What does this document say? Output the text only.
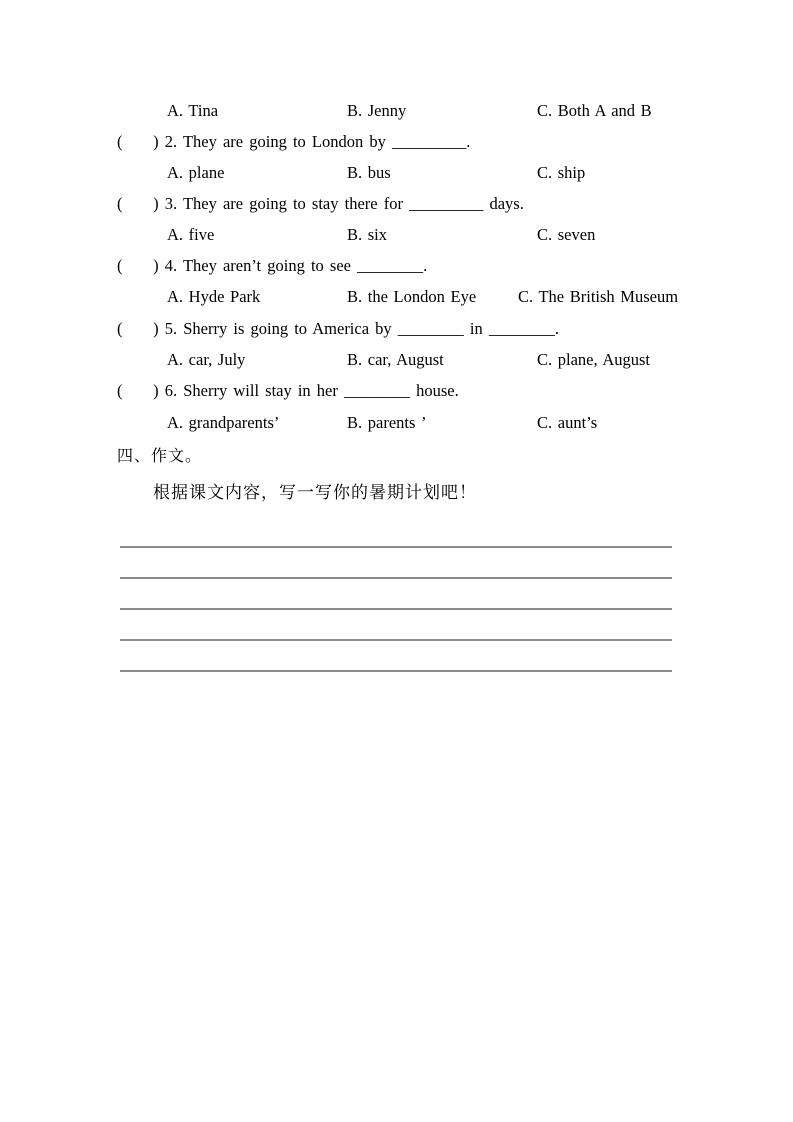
A. Tina	B. Jenny	C. Both A and B
(     ) 2. They are going to London by _________.
A. plane	B. bus	C. ship
(     ) 3. They are going to stay there for _________ days.
A. five	B. six	C. seven
(     ) 4. They aren’t going to see ________.
A. Hyde Park	B. the London Eye	C. The British Museum
(     ) 5. Sherry is going to America by ________ in ________.
A. car, July	B. car, August	C. plane, August
(     ) 6. Sherry will stay in her ________ house.
A. grandparents’	B. parents ’	C. aunt’s
四、作文。
根据课文内容，写一写你的暑期计划吧！
